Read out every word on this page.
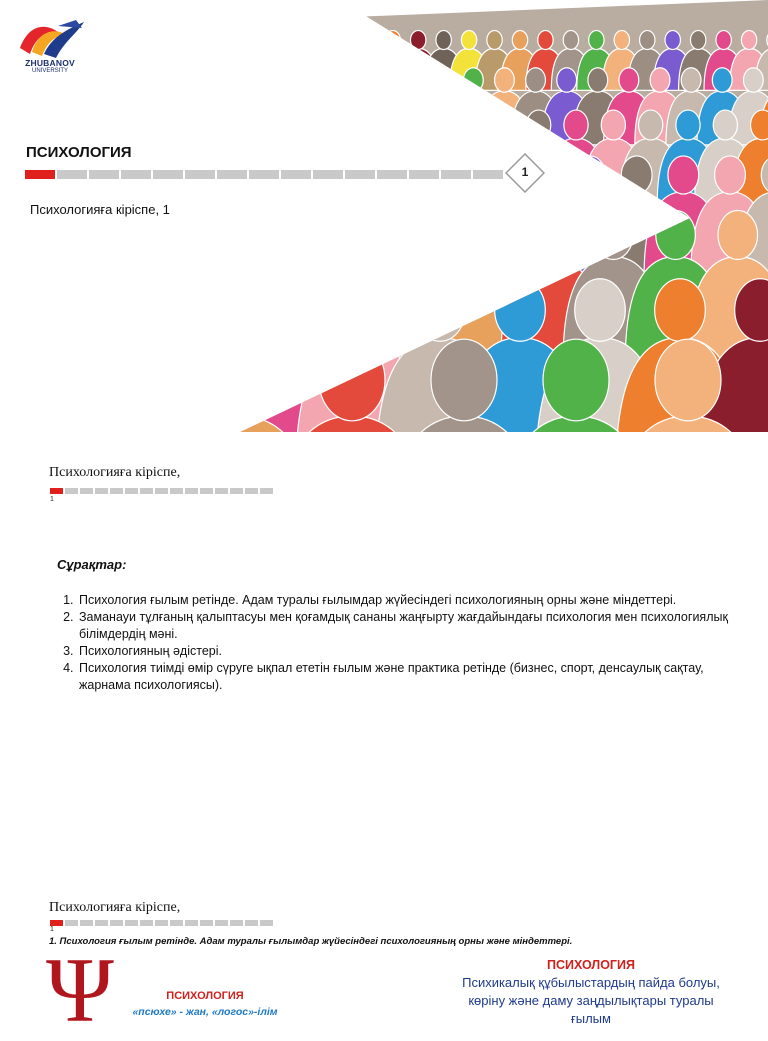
ZHUBANOV
UNIVERSITY
ПСИХОЛОГИЯ
1
Психологияға кіріспе, 1
Психологияға кіріспе,
1
Сұрақтар:
1. Психология ғылым ретінде. Адам туралы ғылымдар жүйесіндегі психологияның орны және міндеттері.
2. Заманауи тұлғаның қалыптасуы мен қоғамдық сананы жаңғырту жағдайындағы психология мен психологиялық білімдердің мәні.
3. Психологияның әдістері.
4. Психология тиімді өмір сүруге ықпал ететін ғылым және практика ретінде (бизнес, спорт, денсаулық сақтау, жарнама психологиясы).
Психологияға кіріспе,
1
1. Психология ғылым ретінде. Адам туралы ғылымдар жүйесіндегі психологияның орны және міндеттері.
Ψ	ПСИХОЛОГИЯ
«псюхе» - жан, «логос»-ілім
ПСИХОЛОГИЯ
Психикалық құбылыстардың пайда болуы, көріну және даму заңдылықтары туралы ғылым
